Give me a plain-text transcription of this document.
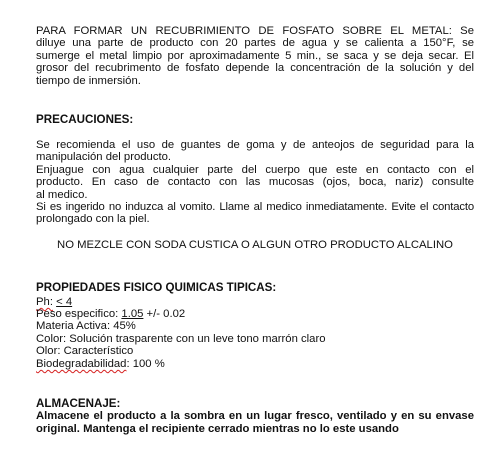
PARA FORMAR UN RECUBRIMIENTO DE FOSFATO SOBRE EL METAL: Se
diluye una parte de producto con 20 partes de agua y se calienta a 150°F, se
sumerge el metal limpio por aproximadamente 5 min., se saca y se deja secar. El
grosor del recubrimento de fosfato depende la concentración de la solución y del
tiempo de inmersión.
PRECAUCIONES:
Se recomienda el uso de guantes de goma y de anteojos de seguridad para la
manipulación del producto.
Enjuague con agua cualquier parte del cuerpo que este en contacto con el
producto. En caso de contacto con las mucosas (ojos, boca, nariz) consulte
al medico.
Si es ingerido no induzca al vomito. Llame al medico inmediatamente. Evite el contacto
prolongado con la piel.
NO MEZCLE CON SODA CUSTICA O ALGUN OTRO PRODUCTO ALCALINO
PROPIEDADES FISICO QUIMICAS TIPICAS:
Ph: < 4
Peso especifico: 1.05 +/- 0.02
Materia Activa: 45%
Color: Solución trasparente con un leve tono marrón claro
Olor: Característico
Biodegradabilidad: 100 %
ALMACENAJE:
Almacene el producto a la sombra en un lugar fresco, ventilado y en su envase
original. Mantenga el recipiente cerrado mientras no lo este usando
